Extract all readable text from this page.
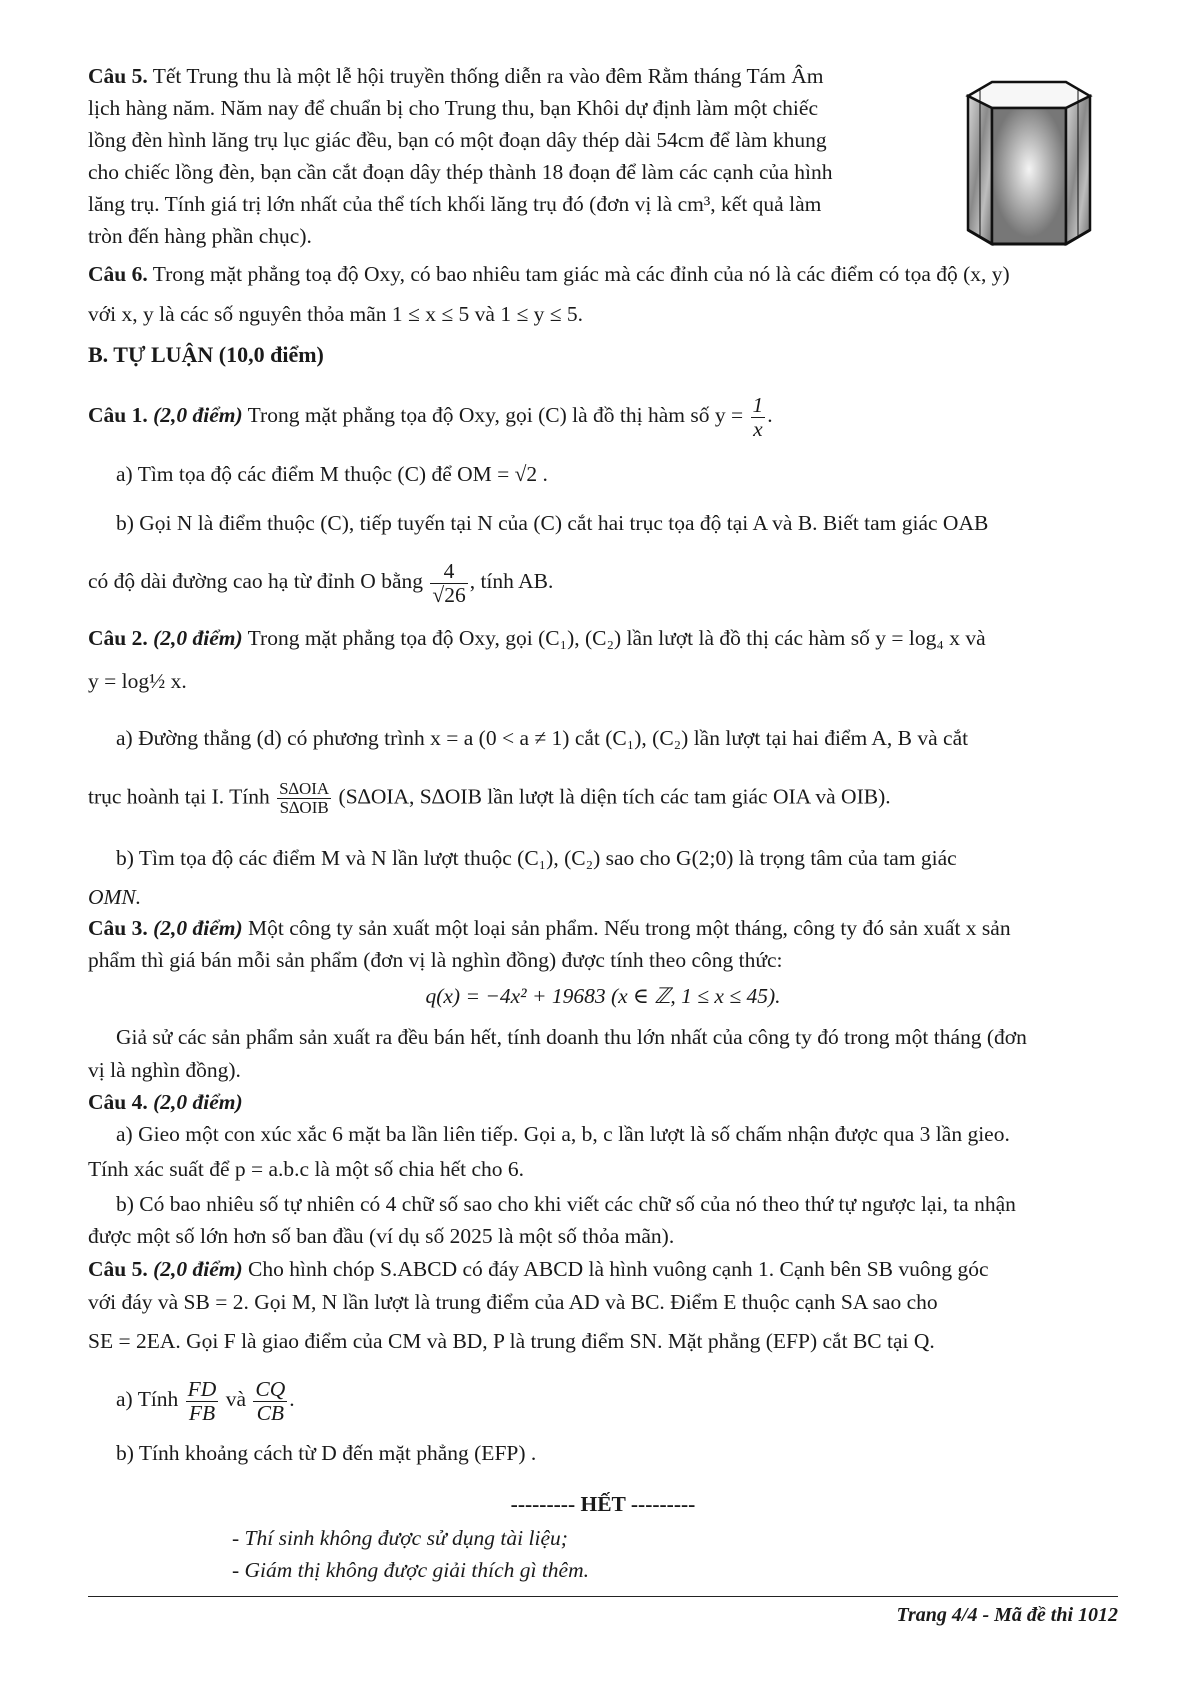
Câu 5. Tết Trung thu là một lễ hội truyền thống diễn ra vào đêm Rằm tháng Tám Âm

lịch hàng năm. Năm nay để chuẩn bị cho Trung thu, bạn Khôi dự định làm một chiếc

lồng đèn hình lăng trụ lục giác đều, bạn có một đoạn dây thép dài 54cm để làm khung

cho chiếc lồng đèn, bạn cần cắt đoạn dây thép thành 18 đoạn để làm các cạnh của hình

lăng trụ. Tính giá trị lớn nhất của thể tích khối lăng trụ đó (đơn vị là cm³, kết quả làm

tròn đến hàng phần chục).

Câu 6. Trong mặt phẳng toạ độ Oxy, có bao nhiêu tam giác mà các đỉnh của nó là các điểm có tọa độ (x, y)

với x, y là các số nguyên thỏa mãn 1 ≤ x ≤ 5 và 1 ≤ y ≤ 5.

B. TỰ LUẬN (10,0 điểm)

Câu 1. (2,0 điểm) Trong mặt phẳng tọa độ Oxy, gọi (C) là đồ thị hàm số $y = \frac{1}{x}$ .

a) Tìm tọa độ các điểm M thuộc (C) để OM = √2 .

b) Gọi N là điểm thuộc (C), tiếp tuyến tại N của (C) cắt hai trục tọa độ tại A và B. Biết tam giác OAB

có độ dài đường cao hạ từ đỉnh O bằng $\frac{4}{√26}$ , tính AB.

Câu 2. (2,0 điểm) Trong mặt phẳng tọa độ Oxy, gọi (C₁), (C₂) lần lượt là đồ thị các hàm số y = log₄ x và

y = log½ x.

a) Đường thẳng (d) có phương trình x = a (0 < a ≠ 1) cắt (C₁), (C₂) lần lượt tại hai điểm A, B và cắt

trục hoành tại I. Tính $\frac{\text{S∆OIA}}{\text{S∆OIB}} (S\Delta OIA$, S∆OIB lần lượt là diện tích các tam giác OIA và OIB).

b) Tìm tọa độ các điểm M và N lần lượt thuộc (C₁), (C₂) sao cho G(2;0) là trọng tâm của tam giác

OMN.

Câu 3. (2,0 điểm) Một công ty sản xuất một loại sản phẩm. Nếu trong một tháng, công ty đó sản xuất x sản

phẩm thì giá bán mỗi sản phẩm (đơn vị là nghìn đồng) được tính theo công thức:

q(x) = −4x² + 19683 (x ∈ ℤ, 1 ≤ x ≤ 45).

Giả sử các sản phẩm sản xuất ra đều bán hết, tính doanh thu lớn nhất của công ty đó trong một tháng (đơn

vị là nghìn đồng).

Câu 4. (2,0 điểm)

a) Gieo một con xúc xắc 6 mặt ba lần liên tiếp. Gọi a, b, c lần lượt là số chấm nhận được qua 3 lần gieo.

Tính xác suất để p = a.b.c là một số chia hết cho 6.

b) Có bao nhiêu số tự nhiên có 4 chữ số sao cho khi viết các chữ số của nó theo thứ tự ngược lại, ta nhận

được một số lớn hơn số ban đầu (ví dụ số 2025 là một số thỏa mãn).

Câu 5. (2,0 điểm) Cho hình chóp S.ABCD có đáy ABCD là hình vuông cạnh 1. Cạnh bên SB vuông góc

với đáy và SB = 2. Gọi M, N lần lượt là trung điểm của AD và BC. Điểm E thuộc cạnh SA sao cho

SE = 2EA. Gọi F là giao điểm của CM và BD, P là trung điểm SN. Mặt phẳng (EFP) cắt BC tại Q.

a) Tính $\frac{FD}{FB}$ và $\frac{CQ}{CB}$ .

b) Tính khoảng cách từ D đến mặt phẳng (EFP) .

--------- HẾT ---------

- Thí sinh không được sử dụng tài liệu;

- Giám thị không được giải thích gì thêm.

Trang 4/4 - Mã đề thi 1012
